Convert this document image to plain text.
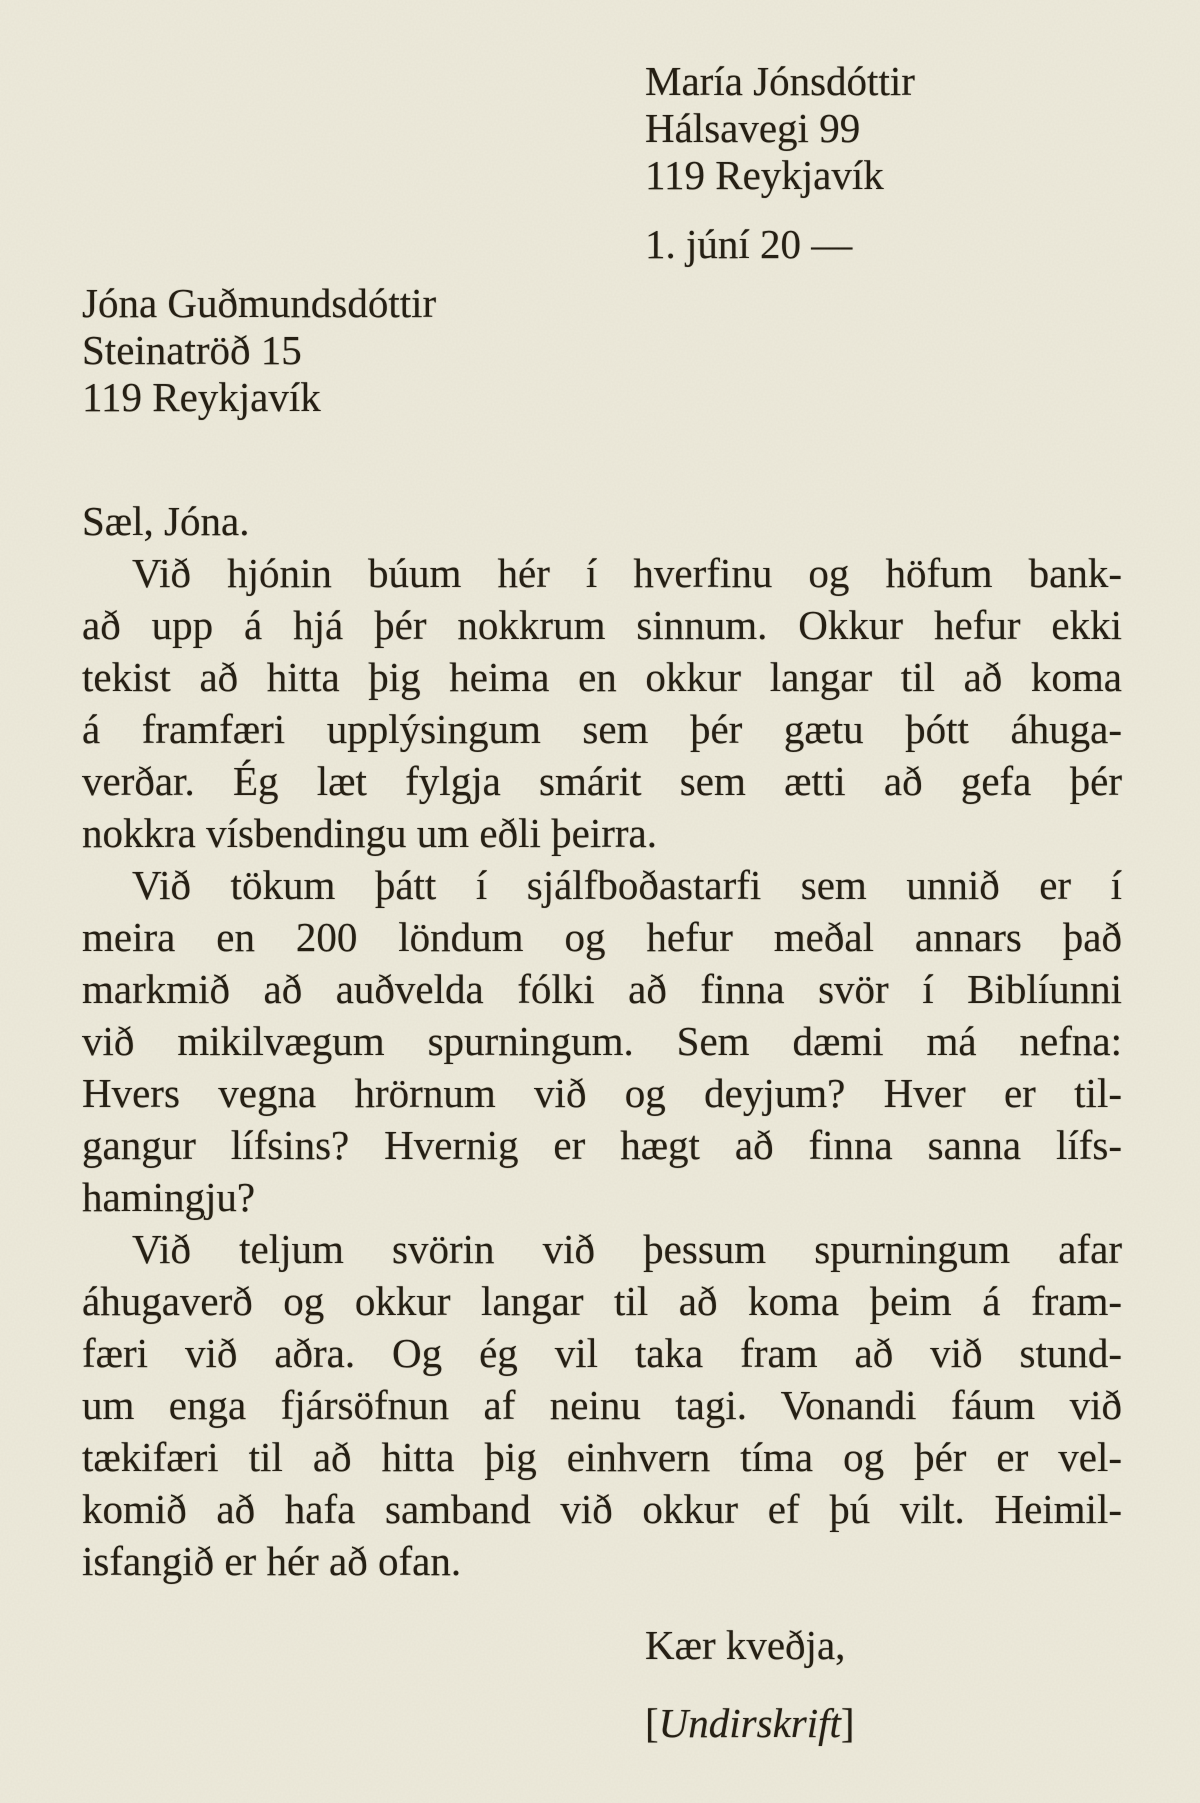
María Jónsdóttir
Hálsavegi 99
119 Reykjavík
1. júní 20 —
Jóna Guðmundsdóttir
Steinatröð 15
119 Reykjavík
Sæl, Jóna.
Við hjónin búum hér í hverfinu og höfum bank-
að upp á hjá þér nokkrum sinnum. Okkur hefur ekki
tekist að hitta þig heima en okkur langar til að koma
á framfæri upplýsingum sem þér gætu þótt áhuga-
verðar. Ég læt fylgja smárit sem ætti að gefa þér
nokkra vísbendingu um eðli þeirra.
Við tökum þátt í sjálfboðastarfi sem unnið er í
meira en 200 löndum og hefur meðal annars það
markmið að auðvelda fólki að finna svör í Biblíunni
við mikilvægum spurningum. Sem dæmi má nefna:
Hvers vegna hrörnum við og deyjum? Hver er til-
gangur lífsins? Hvernig er hægt að finna sanna lífs-
hamingju?
Við teljum svörin við þessum spurningum afar
áhugaverð og okkur langar til að koma þeim á fram-
færi við aðra. Og ég vil taka fram að við stund-
um enga fjársöfnun af neinu tagi. Vonandi fáum við
tækifæri til að hitta þig einhvern tíma og þér er vel-
komið að hafa samband við okkur ef þú vilt. Heimil-
isfangið er hér að ofan.
Kær kveðja,
[Undirskrift]
